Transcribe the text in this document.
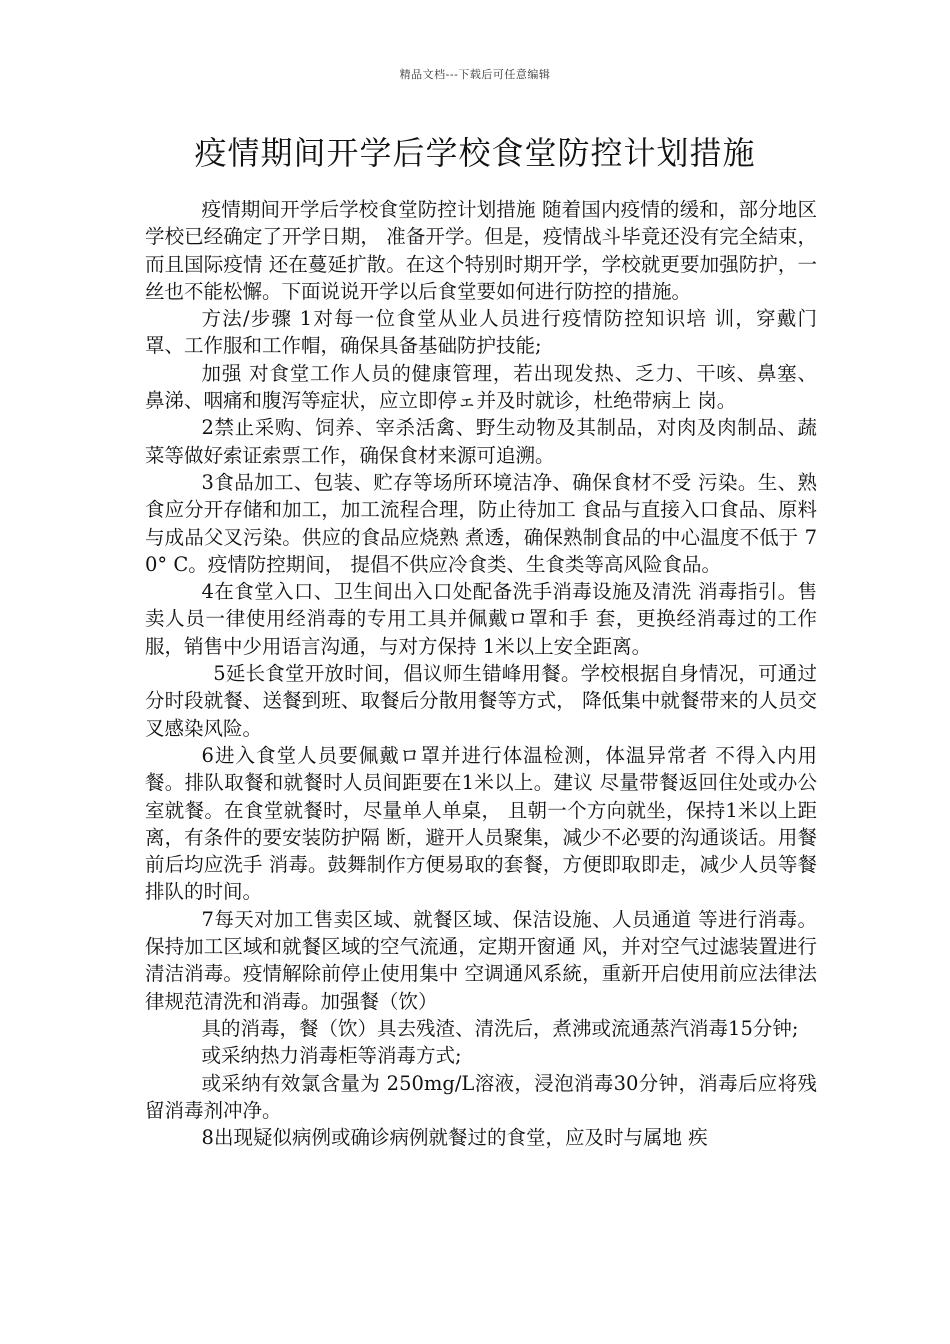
精品文档---下载后可任意编辑
疫情期间开学后学校食堂防控计划措施

疫情期间开学后学校食堂防控计划措施 随着国内疫情的缓和，部分地区学校已经确定了开学日期， 准备开学。但是，疫情战斗毕竟还没有完全結束，而且国际疫情 还在蔓延扩散。在这个特别时期开学，学校就更要加强防护，一 丝也不能松懈。下面说说开学以后食堂要如何进行防控的措施。

方法/步骤 1对每一位食堂从业人员进行疫情防控知识培 训，穿戴门罩、工作服和工作帽，确保具备基础防护技能;

加强 对食堂工作人员的健康管理，若出现发热、乏力、干咳、鼻塞、 鼻涕、咽痛和腹泻等症状，应立即停ェ并及时就诊，杜绝带病上 岗。

2禁止采购、饲养、宰杀活禽、野生动物及其制品，对肉及肉制品、蔬菜等做好索证索票工作，确保食材来源可追溯。

3食品加工、包装、贮存等场所环境洁净、确保食材不受 污染。生、熟食应分开存储和加工，加工流程合理，防止待加工 食品与直接入口食品、原料与成品父叉污染。供应的食品应烧熟 煮透，确保熟制食品的中心温度不低于 70° C。疫情防控期间， 提倡不供应冷食类、生食类等高风险食品。

4在食堂入口、卫生间出入口处配备洗手消毒设施及清洗 消毒指引。售卖人员一律使用经消毒的专用工具并佩戴ロ罩和手 套，更换经消毒过的工作服，销售中少用语言沟通，与对方保持 1米以上安全距离。

5延长食堂开放时间，倡议师生错峰用餐。学校根据自身情况，可通过分时段就餐、送餐到班、取餐后分散用餐等方式， 降低集中就餐带来的人员交叉感染风险。

6进入食堂人员要佩戴ロ罩并进行体温检测，体温异常者 不得入内用餐。排队取餐和就餐时人员间距要在1米以上。建议 尽量带餐返回住处或办公室就餐。在食堂就餐时，尽量单人单桌， 且朝一个方向就坐，保持1米以上距离，有条件的要安装防护隔 断，避开人员聚集，减少不必要的沟通谈话。用餐前后均应洗手 消毒。鼓舞制作方便易取的套餐，方便即取即走，减少人员等餐 排队的时间。

7每天对加工售卖区域、就餐区域、保洁设施、人员通道 等进行消毒。保持加工区域和就餐区域的空气流通，定期开窗通 风，并对空气过滤装置进行清洁消毒。疫情解除前停止使用集中 空调通风系統，重新开启使用前应法律法律规范清洗和消毒。加强餐（饮）

具的消毒，餐（饮）具去残渣、清洗后，煮沸或流通蒸汽消毒15分钟;

或采纳热力消毒柜等消毒方式;

或采纳有效氯含量为 250mg/L溶液，浸泡消毒30分钟，消毒后应将残留消毒剂冲净。

8出现疑似病例或确诊病例就餐过的食堂，应及时与属地 疾
